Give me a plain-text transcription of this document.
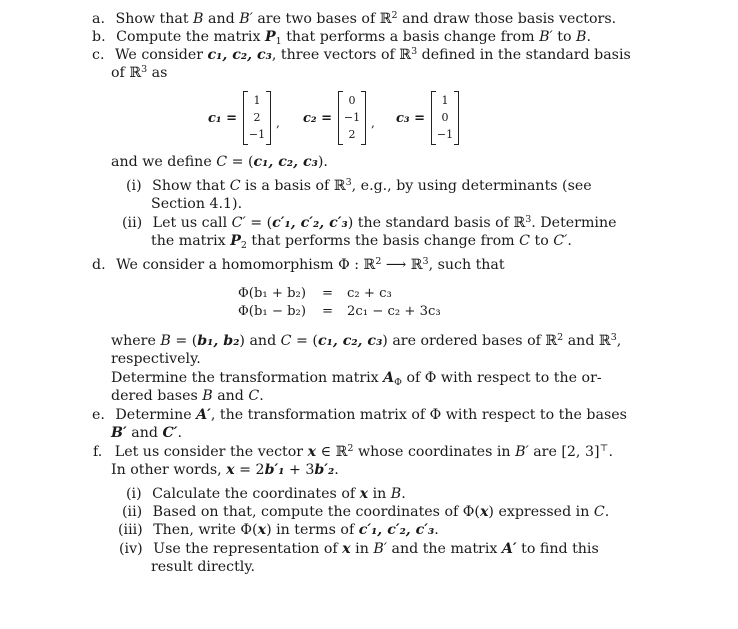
a. Show that B and B′ are two bases of ℝ$^2$ and draw those basis vectors.
b. Compute the matrix $P_1$ that performs a basis change from B′ to B.
c. We consider c₁, c₂, c₃, three vectors of ℝ$^3$ defined in the standard basis
of ℝ$^3$ as
c₁ =
1
2
−1
, c₂ =
0
−1
2
, c₃ =
1
0
−1
and we define C = (c₁, c₂, c₃).
(i) Show that C is a basis of ℝ$^3$, e.g., by using determinants (see
Section 4.1).
(ii) Let us call C′ = (c′₁, c′₂, c′₃) the standard basis of ℝ$^3$. Determine
the matrix $P_2$ that performs the basis change from C to C′.
d. We consider a homomorphism Φ : ℝ$^2$ ⟶ ℝ$^3$, such that
Φ(b₁ + b₂) = c₂ + c₃
Φ(b₁ − b₂) = 2c₁ − c₂ + 3c₃
where B = (b₁, b₂) and C = (c₁, c₂, c₃) are ordered bases of ℝ$^2$ and ℝ$^3$,
respectively.
Determine the transformation matrix $A_\Phi$ of Φ with respect to the or-
dered bases B and C.
e. Determine A′, the transformation matrix of Φ with respect to the bases
B′ and C′.
f. Let us consider the vector x ∈ ℝ$^2$ whose coordinates in B′ are [2, 3]⊤.
In other words, x = 2b′₁ + 3b′₂.
(i) Calculate the coordinates of x in B.
(ii) Based on that, compute the coordinates of Φ(x) expressed in C.
(iii) Then, write Φ(x) in terms of c′₁, c′₂, c′₃.
(iv) Use the representation of x in B′ and the matrix A′ to find this
result directly.
